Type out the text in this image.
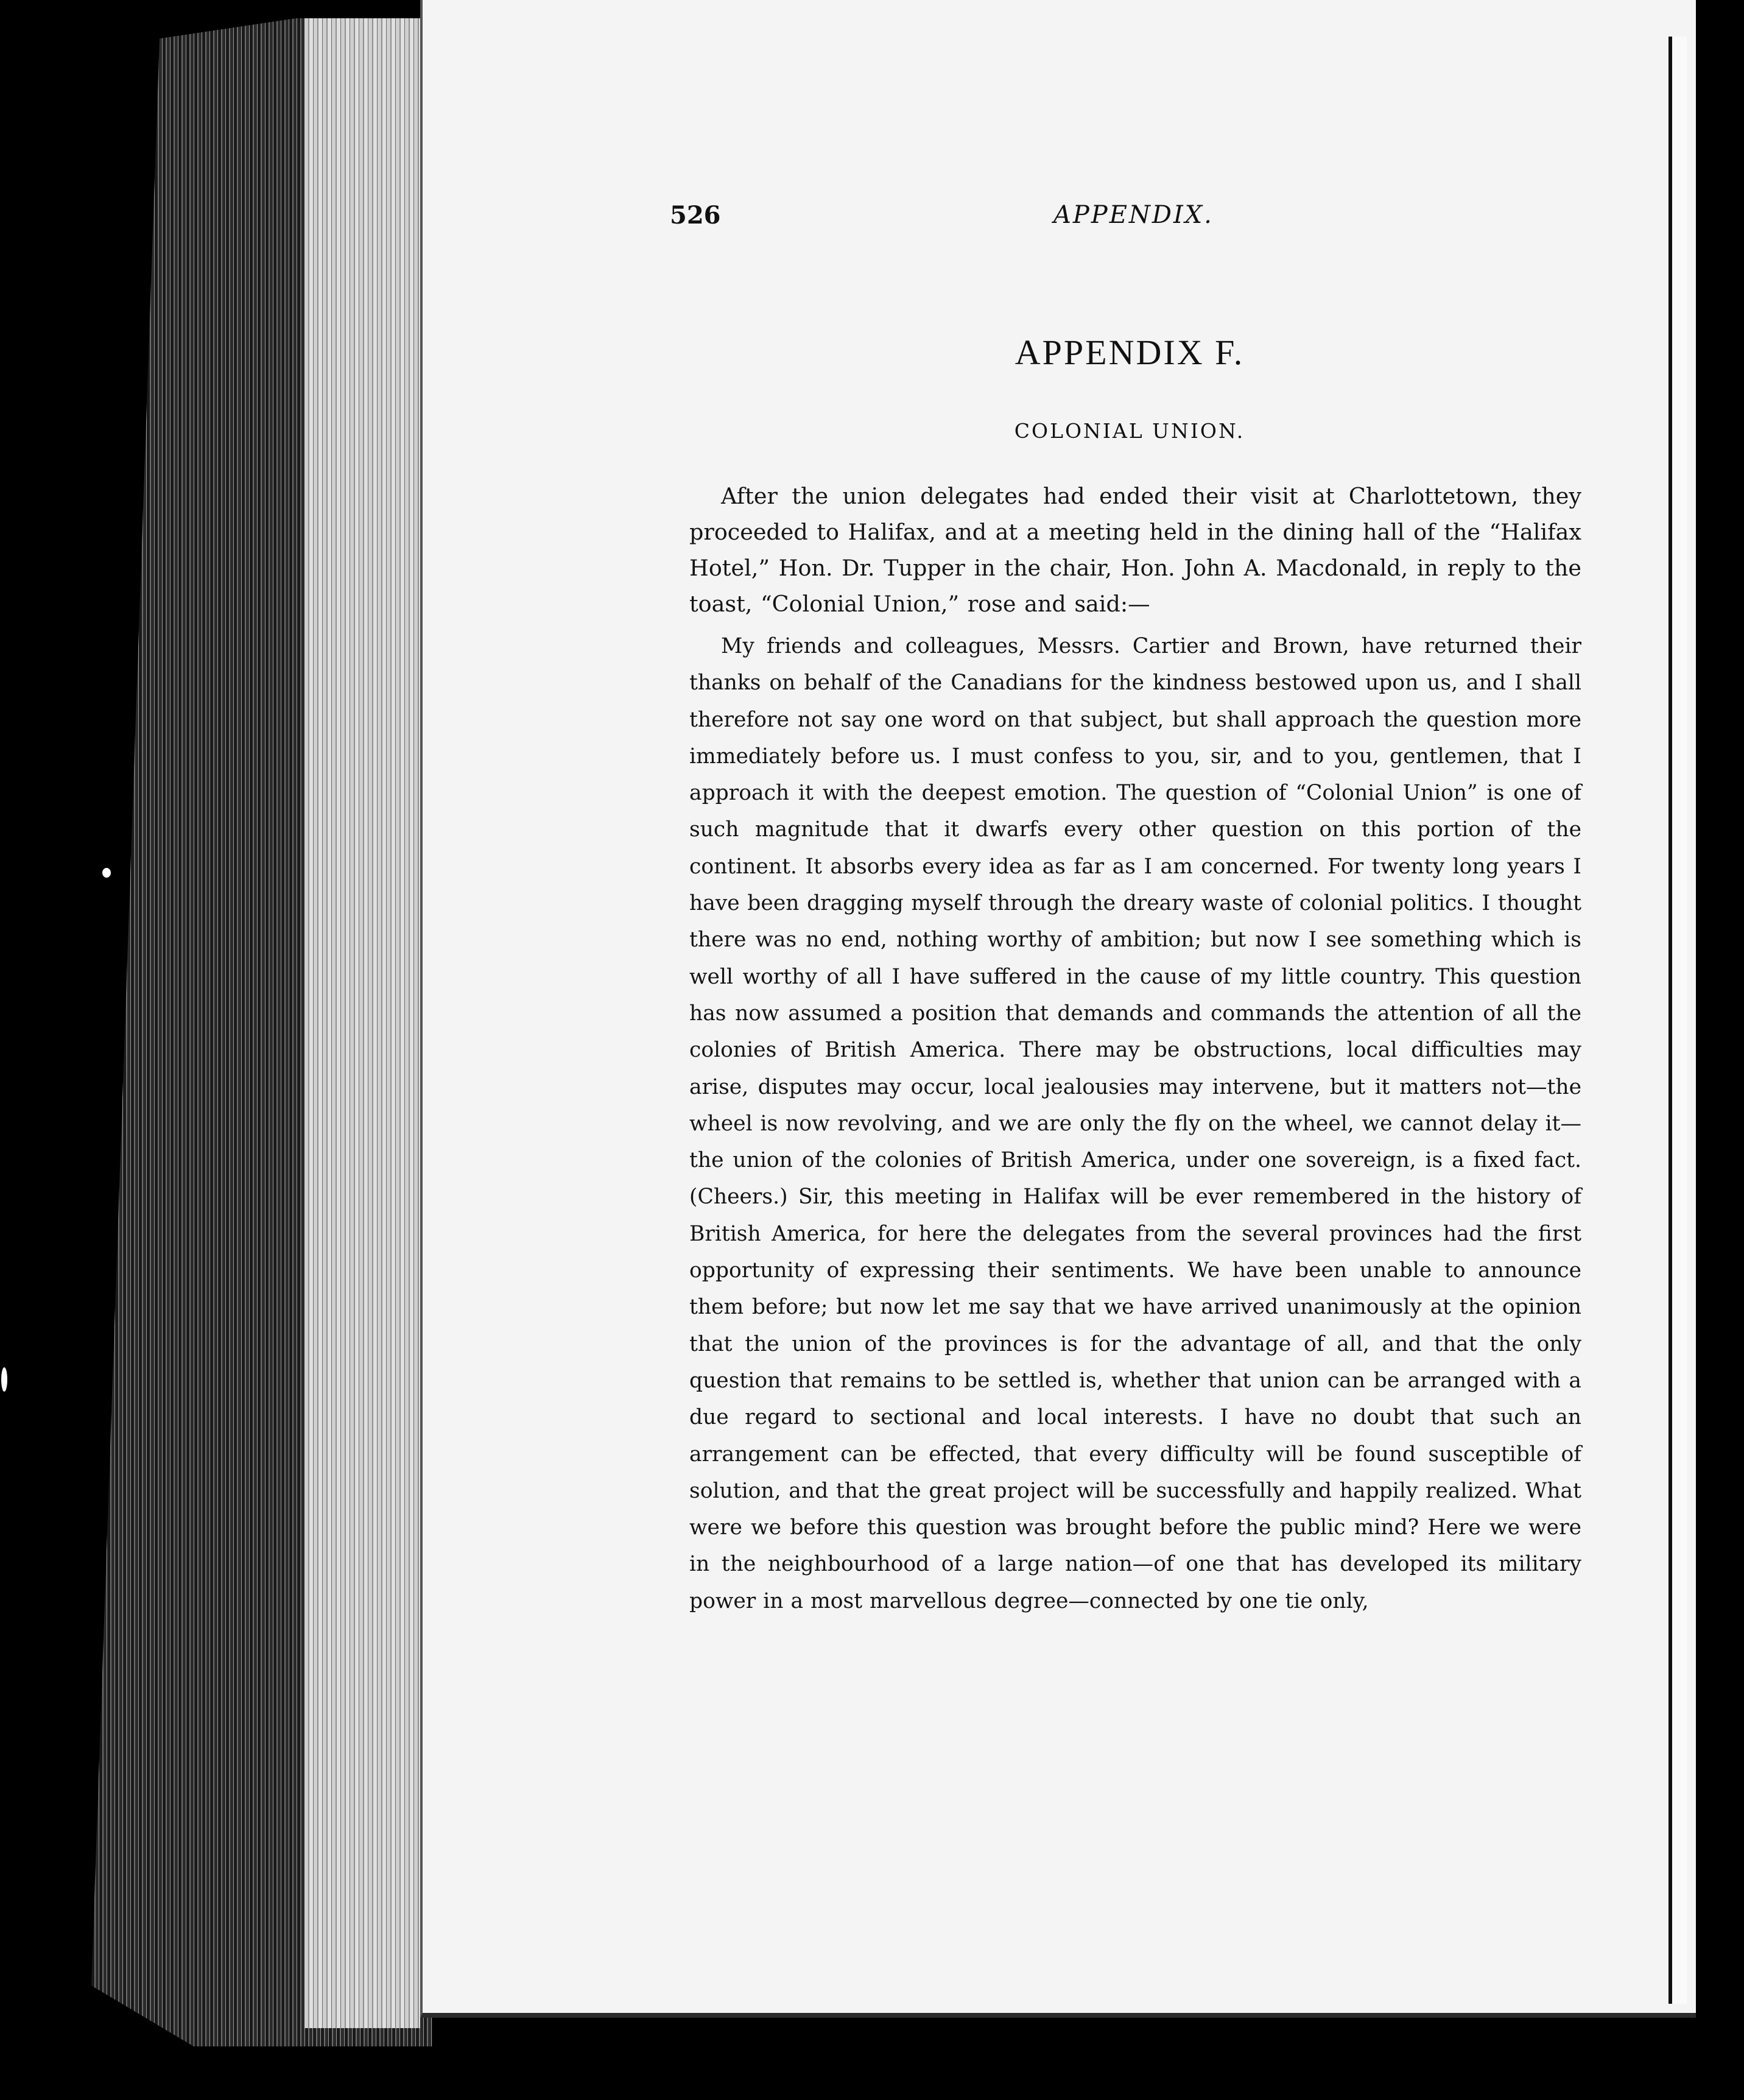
526	APPENDIX.
APPENDIX F.
COLONIAL UNION.

After the union delegates had ended their visit at Charlottetown, they proceeded to Halifax, and at a meeting held in the dining hall of the “Halifax Hotel,” Hon. Dr. Tupper in the chair, Hon. John A. Macdonald, in reply to the toast, “Colonial Union,” rose and said:—

My friends and colleagues, Messrs. Cartier and Brown, have returned their thanks on behalf of the Canadians for the kindness bestowed upon us, and I shall therefore not say one word on that subject, but shall approach the question more immediately before us. I must confess to you, sir, and to you, gentlemen, that I approach it with the deepest emotion. The question of “Colonial Union” is one of such magnitude that it dwarfs every other question on this portion of the continent. It absorbs every idea as far as I am concerned. For twenty long years I have been dragging myself through the dreary waste of colonial politics. I thought there was no end, nothing worthy of ambition; but now I see something which is well worthy of all I have suffered in the cause of my little country. This question has now assumed a position that demands and commands the attention of all the colonies of British America. There may be obstructions, local difficulties may arise, disputes may occur, local jealousies may intervene, but it matters not—the wheel is now revolving, and we are only the fly on the wheel, we cannot delay it—the union of the colonies of British America, under one sovereign, is a fixed fact. (Cheers.) Sir, this meeting in Halifax will be ever remembered in the history of British America, for here the delegates from the several provinces had the first opportunity of expressing their sentiments. We have been unable to announce them before; but now let me say that we have arrived unanimously at the opinion that the union of the provinces is for the advantage of all, and that the only question that remains to be settled is, whether that union can be arranged with a due regard to sectional and local interests. I have no doubt that such an arrangement can be effected, that every difficulty will be found susceptible of solution, and that the great project will be successfully and happily realized. What were we before this question was brought before the public mind? Here we were in the neighbourhood of a large nation—of one that has developed its military power in a most marvellous degree—connected by one tie only,
